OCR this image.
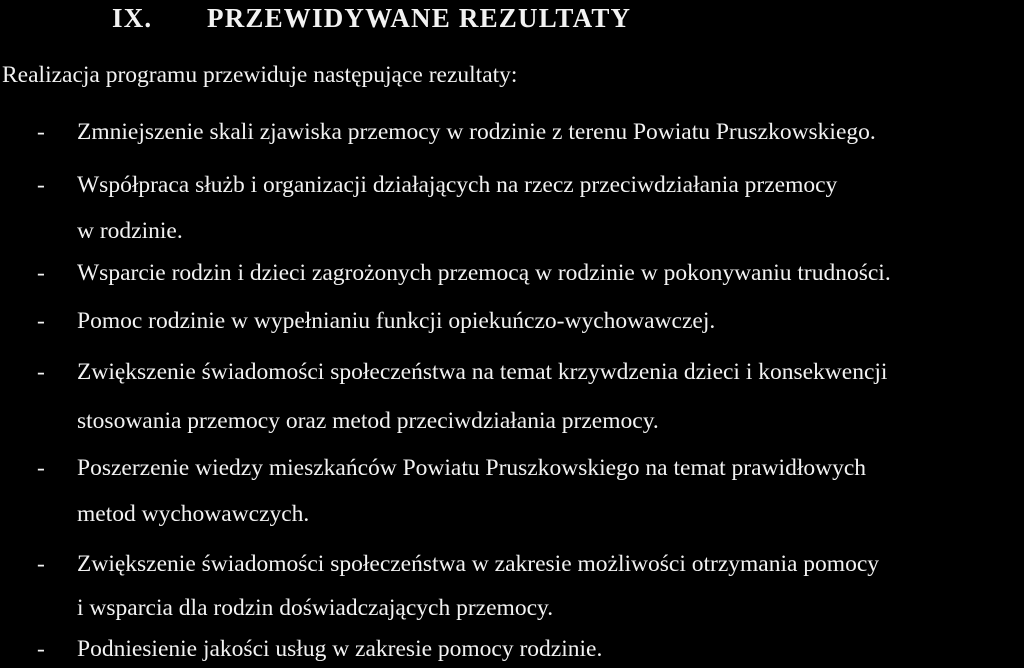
IX. PRZEWIDYWANE REZULTATY

Realizacja programu przewiduje następujące rezultaty:

- Zmniejszenie skali zjawiska przemocy w rodzinie z terenu Powiatu Pruszkowskiego.
- Współpraca służb i organizacji działających na rzecz przeciwdziałania przemocy
w rodzinie.
- Wsparcie rodzin i dzieci zagrożonych przemocą w rodzinie w pokonywaniu trudności.
- Pomoc rodzinie w wypełnianiu funkcji opiekuńczo-wychowawczej.
- Zwiększenie świadomości społeczeństwa na temat krzywdzenia dzieci i konsekwencji
stosowania przemocy oraz metod przeciwdziałania przemocy.
- Poszerzenie wiedzy mieszkańców Powiatu Pruszkowskiego na temat prawidłowych
metod wychowawczych.
- Zwiększenie świadomości społeczeństwa w zakresie możliwości otrzymania pomocy
i wsparcia dla rodzin doświadczających przemocy.
- Podniesienie jakości usług w zakresie pomocy rodzinie.
